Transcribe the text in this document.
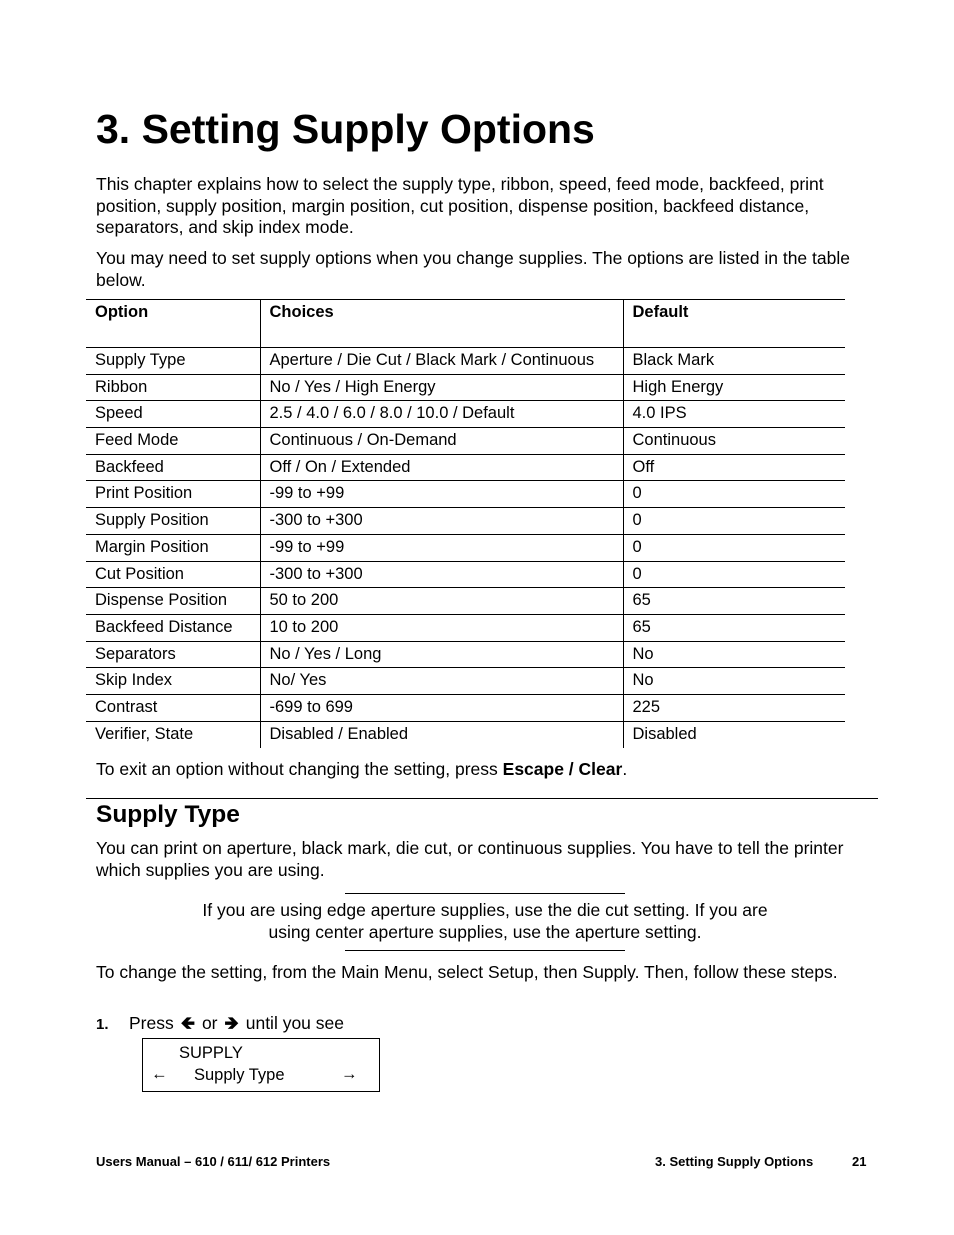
3. Setting Supply Options

This chapter explains how to select the supply type, ribbon, speed, feed mode, backfeed, print position, supply position, margin position, cut position, dispense position, backfeed distance, separators, and skip index mode.

You may need to set supply options when you change supplies. The options are listed in the table below.

Option	Choices	Default
Supply Type	Aperture / Die Cut / Black Mark / Continuous	Black Mark
Ribbon	No / Yes / High Energy	High Energy
Speed	2.5 / 4.0 / 6.0 / 8.0 / 10.0 / Default	4.0 IPS
Feed Mode	Continuous / On-Demand	Continuous
Backfeed	Off / On / Extended	Off
Print Position	-99 to +99	0
Supply Position	-300 to +300	0
Margin Position	-99 to +99	0
Cut Position	-300 to +300	0
Dispense Position	50 to 200	65
Backfeed Distance	10 to 200	65
Separators	No / Yes / Long	No
Skip Index	No/ Yes	No
Contrast	-699 to 699	225
Verifier, State	Disabled / Enabled	Disabled

To exit an option without changing the setting, press Escape / Clear.

Supply Type

You can print on aperture, black mark, die cut, or continuous supplies. You have to tell the printer which supplies you are using.

If you are using edge aperture supplies, use the die cut setting. If you are
using center aperture supplies, use the aperture setting.

To change the setting, from the Main Menu, select Setup, then Supply. Then, follow these steps.

1. Press 🡸 or 🡺 until you see
SUPPLY
← Supply Type	→
Users Manual – 610 / 611/ 612 Printers	3. Setting Supply Options	21
